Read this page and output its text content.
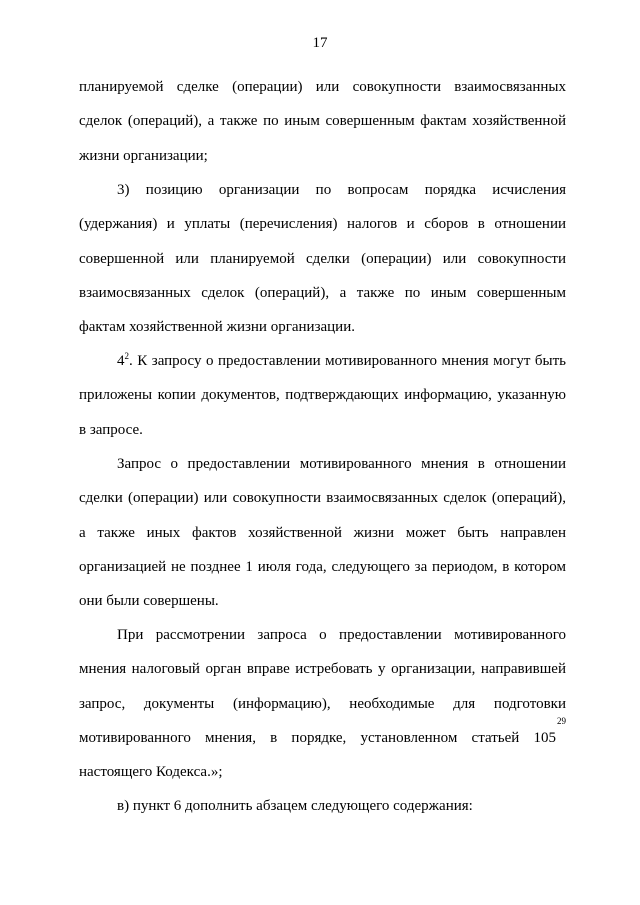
17
планируемой сделке (операции) или совокупности взаимосвязанных
сделок (операций), а также по иным совершенным фактам хозяйственной
жизни организации;
3) позицию организации по вопросам порядка исчисления
(удержания) и уплаты (перечисления) налогов и сборов в отношении
совершенной или планируемой сделки (операции) или совокупности
взаимосвязанных сделок (операций), а также по иным совершенным
фактам хозяйственной жизни организации.
$4^2$. К запросу о предоставлении мотивированного мнения могут быть
приложены копии документов, подтверждающих информацию, указанную
в запросе.
Запрос о предоставлении мотивированного мнения в отношении
сделки (операции) или совокупности взаимосвязанных сделок (операций),
а также иных фактов хозяйственной жизни может быть направлен
организацией не позднее 1 июля года, следующего за периодом, в котором
они были совершены.
При рассмотрении запроса о предоставлении мотивированного
мнения налоговый орган вправе истребовать у организации, направившей
запрос, документы (информацию), необходимые для подготовки
мотивированного мнения, в порядке, установленном статьей 105
29
настоящего Кодекса.»;
в) пункт 6 дополнить абзацем следующего содержания:
